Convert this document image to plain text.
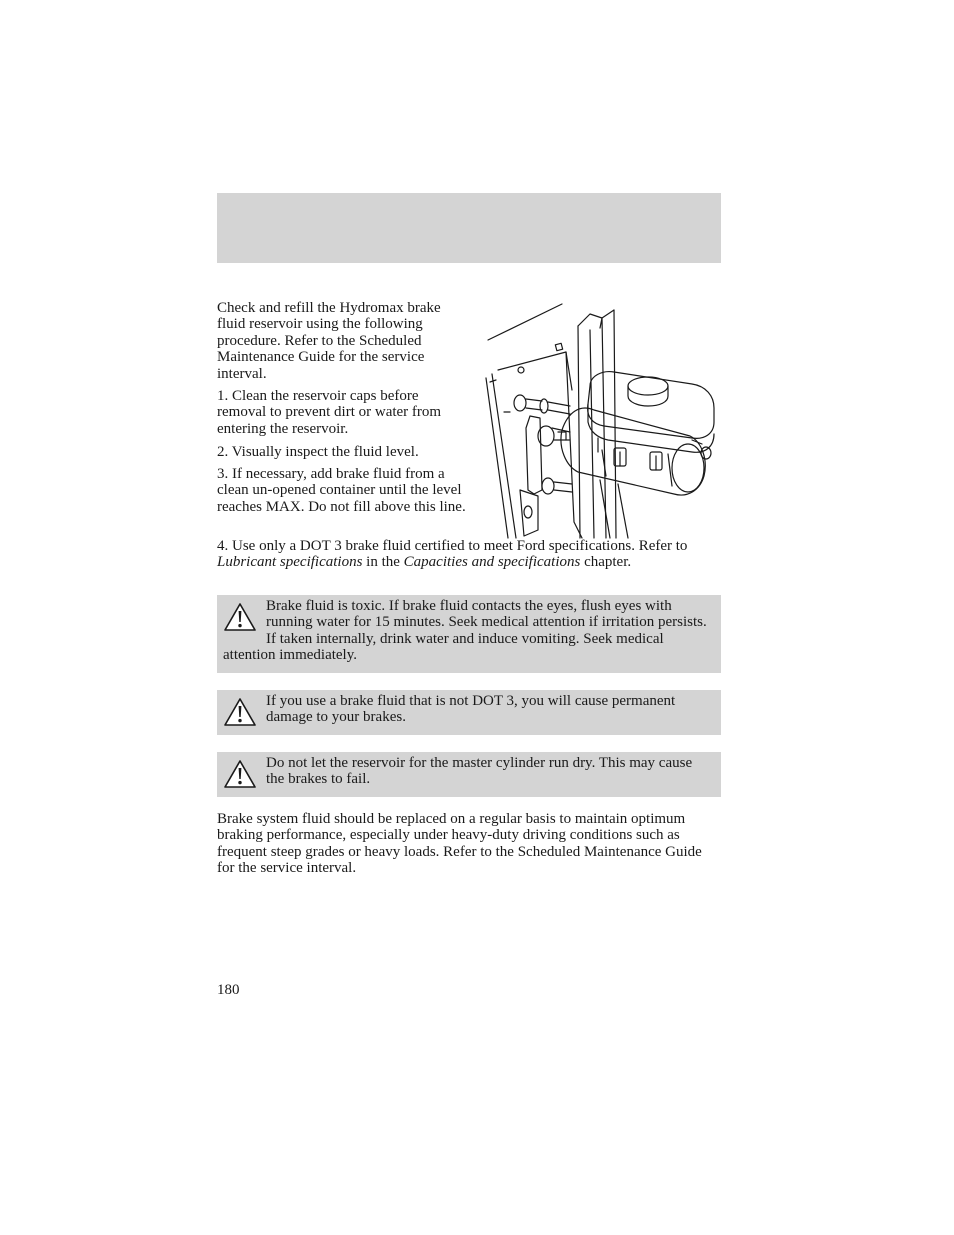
Check and refill the Hydromax brake fluid reservoir using the following procedure. Refer to the Scheduled Maintenance Guide for the service interval.

1. Clean the reservoir caps before removal to prevent dirt or water from entering the reservoir.

2. Visually inspect the fluid level.

3. If necessary, add brake fluid from a clean un-opened container until the level reaches MAX. Do not fill above this line.

4. Use only a DOT 3 brake fluid certified to meet Ford specifications. Refer to Lubricant specifications in the Capacities and specifications chapter.

Brake fluid is toxic. If brake fluid contacts the eyes, flush eyes with running water for 15 minutes. Seek medical attention if irritation persists. If taken internally, drink water and induce vomiting. Seek medical attention immediately.

If you use a brake fluid that is not DOT 3, you will cause permanent damage to your brakes.

Do not let the reservoir for the master cylinder run dry. This may cause the brakes to fail.

Brake system fluid should be replaced on a regular basis to maintain optimum braking performance, especially under heavy-duty driving conditions such as frequent steep grades or heavy loads. Refer to the Scheduled Maintenance Guide for the service interval.

180
